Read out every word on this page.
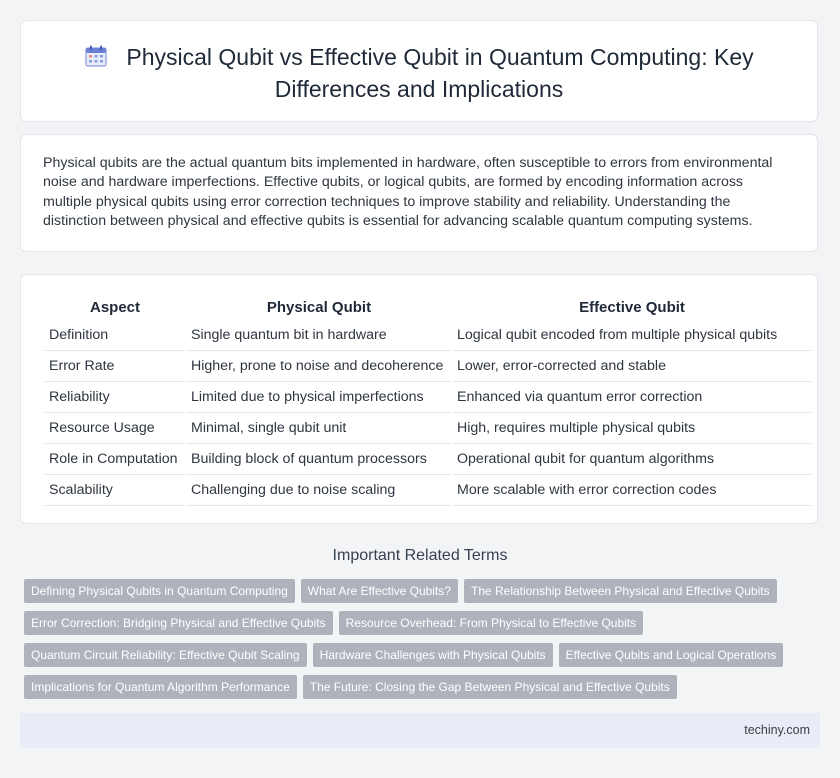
Physical Qubit vs Effective Qubit in Quantum Computing: Key Differences and Implications
Physical qubits are the actual quantum bits implemented in hardware, often susceptible to errors from environmental noise and hardware imperfections. Effective qubits, or logical qubits, are formed by encoding information across multiple physical qubits using error correction techniques to improve stability and reliability. Understanding the distinction between physical and effective qubits is essential for advancing scalable quantum computing systems.
Aspect	Physical Qubit	Effective Qubit
Definition	Single quantum bit in hardware	Logical qubit encoded from multiple physical qubits
Error Rate	Higher, prone to noise and decoherence	Lower, error-corrected and stable
Reliability	Limited due to physical imperfections	Enhanced via quantum error correction
Resource Usage	Minimal, single qubit unit	High, requires multiple physical qubits
Role in Computation	Building block of quantum processors	Operational qubit for quantum algorithms
Scalability	Challenging due to noise scaling	More scalable with error correction codes
Important Related Terms
Defining Physical Qubits in Quantum Computing	What Are Effective Qubits?	The Relationship Between Physical and Effective Qubits
Error Correction: Bridging Physical and Effective Qubits	Resource Overhead: From Physical to Effective Qubits
Quantum Circuit Reliability: Effective Qubit Scaling	Hardware Challenges with Physical Qubits	Effective Qubits and Logical Operations
Implications for Quantum Algorithm Performance	The Future: Closing the Gap Between Physical and Effective Qubits
techiny.com
